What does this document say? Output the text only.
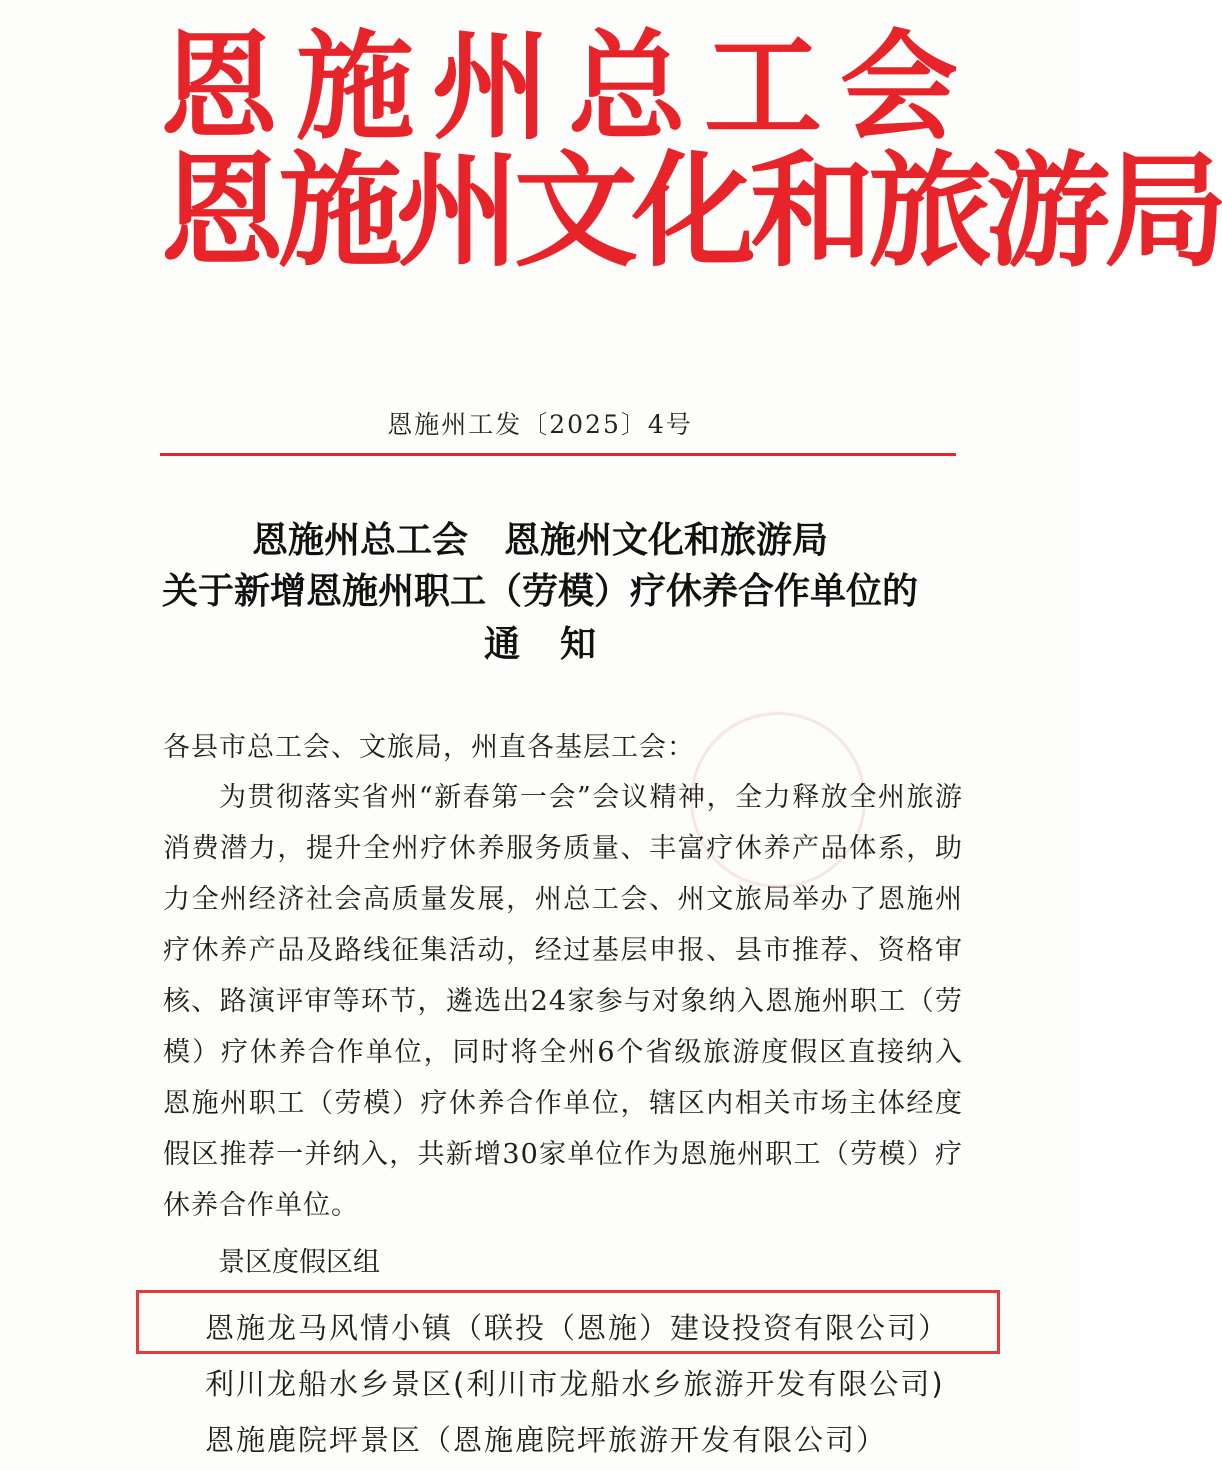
恩施州总工会
恩施州文化和旅游局
恩施州工发〔2025〕4号
恩施州总工会　恩施州文化和旅游局
关于新增恩施州职工（劳模）疗休养合作单位的
通知
各县市总工会、文旅局，州直各基层工会：
为贯彻落实省州“新春第一会”会议精神，全力释放全州旅游消费潜力，提升全州疗休养服务质量、丰富疗休养产品体系，助力全州经济社会高质量发展，州总工会、州文旅局举办了恩施州疗休养产品及路线征集活动，经过基层申报、县市推荐、资格审核、路演评审等环节，遴选出24家参与对象纳入恩施州职工（劳模）疗休养合作单位，同时将全州6个省级旅游度假区直接纳入恩施州职工（劳模）疗休养合作单位，辖区内相关市场主体经度假区推荐一并纳入，共新增30家单位作为恩施州职工（劳模）疗休养合作单位。
景区度假区组
恩施龙马风情小镇（联投（恩施）建设投资有限公司）
利川龙船水乡景区(利川市龙船水乡旅游开发有限公司)
恩施鹿院坪景区（恩施鹿院坪旅游开发有限公司）
